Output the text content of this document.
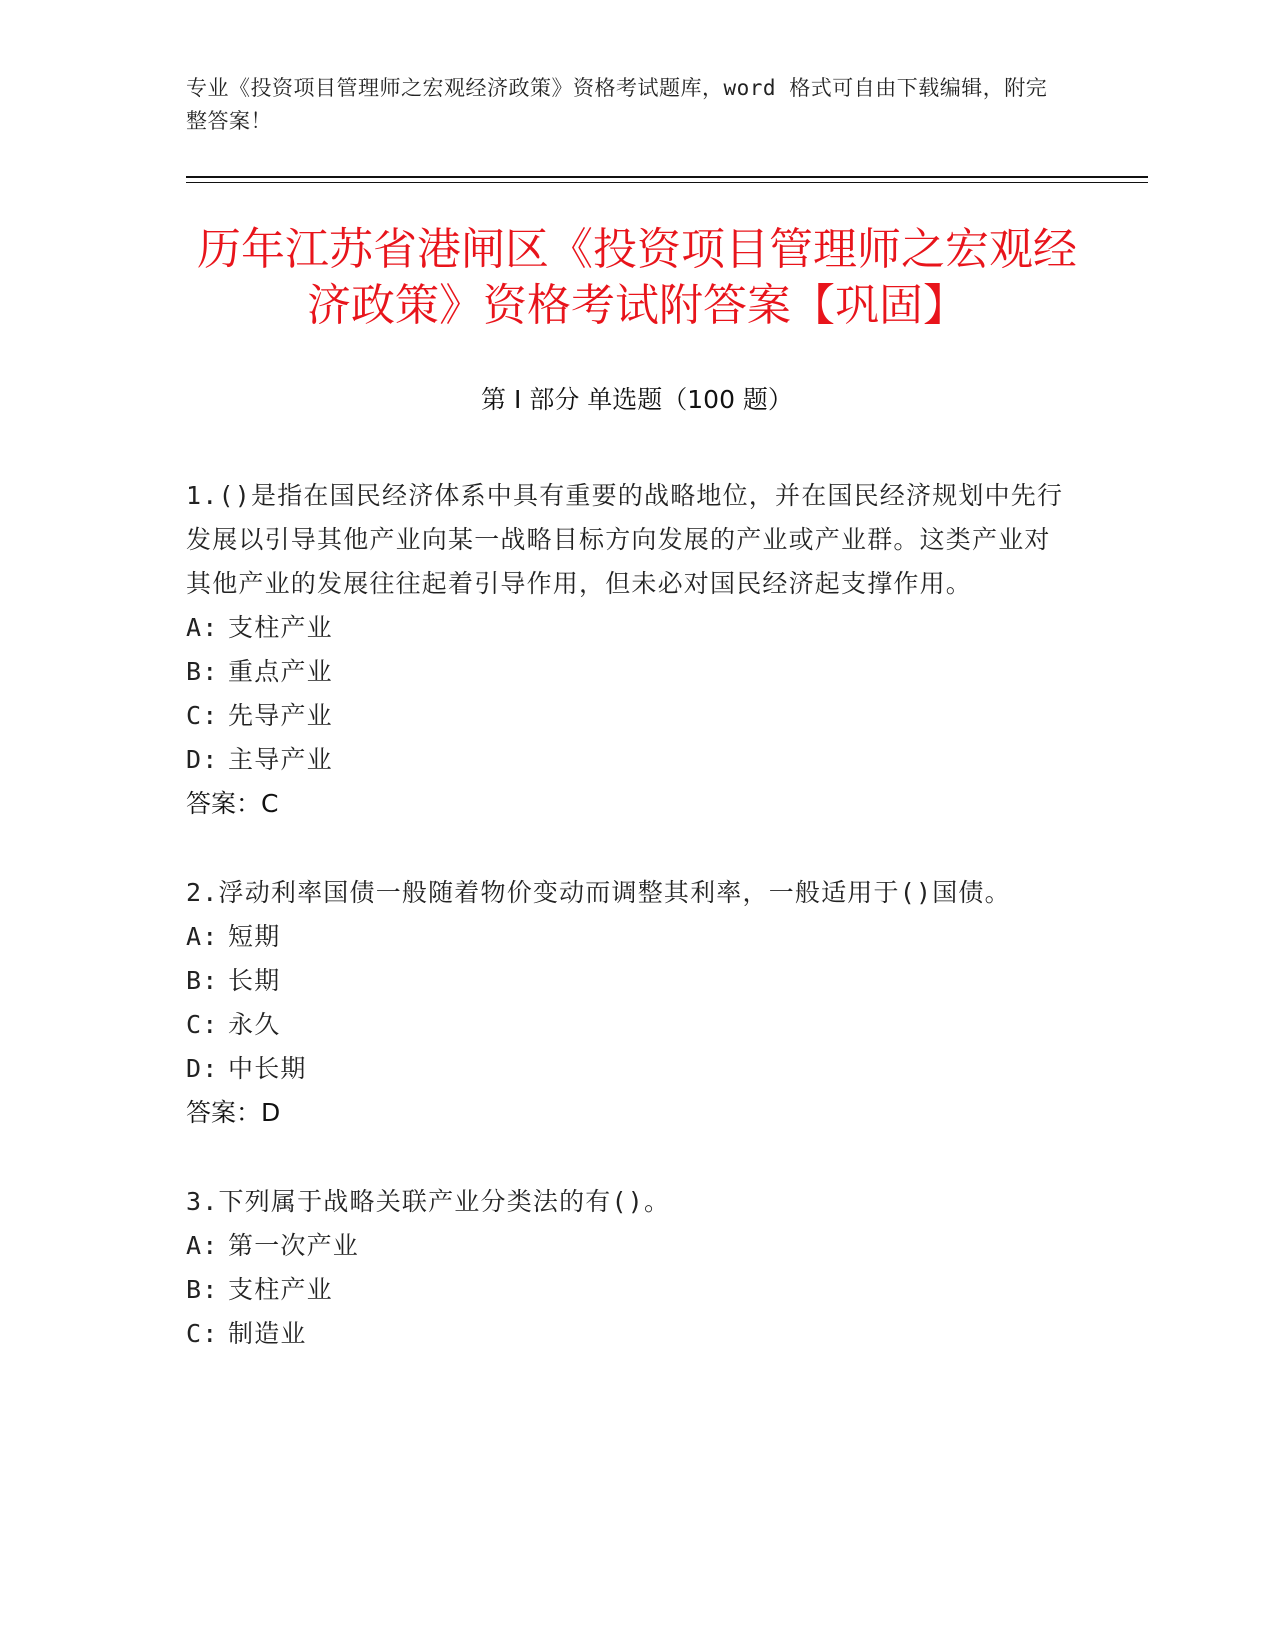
专业《投资项目管理师之宏观经济政策》资格考试题库，word 格式可自由下载编辑，附完整答案！
历年江苏省港闸区《投资项目管理师之宏观经济政策》资格考试附答案【巩固】
第 I 部分 单选题（100 题）

1.()是指在国民经济体系中具有重要的战略地位，并在国民经济规划中先行发展以引导其他产业向某一战略目标方向发展的产业或产业群。这类产业对其他产业的发展往往起着引导作用，但未必对国民经济起支撑作用。

A: 支柱产业

B: 重点产业

C: 先导产业

D: 主导产业

答案：C

2.浮动利率国债一般随着物价变动而调整其利率，一般适用于()国债。

A: 短期

B: 长期

C: 永久

D: 中长期

答案：D

3.下列属于战略关联产业分类法的有()。

A: 第一次产业

B: 支柱产业

C: 制造业
